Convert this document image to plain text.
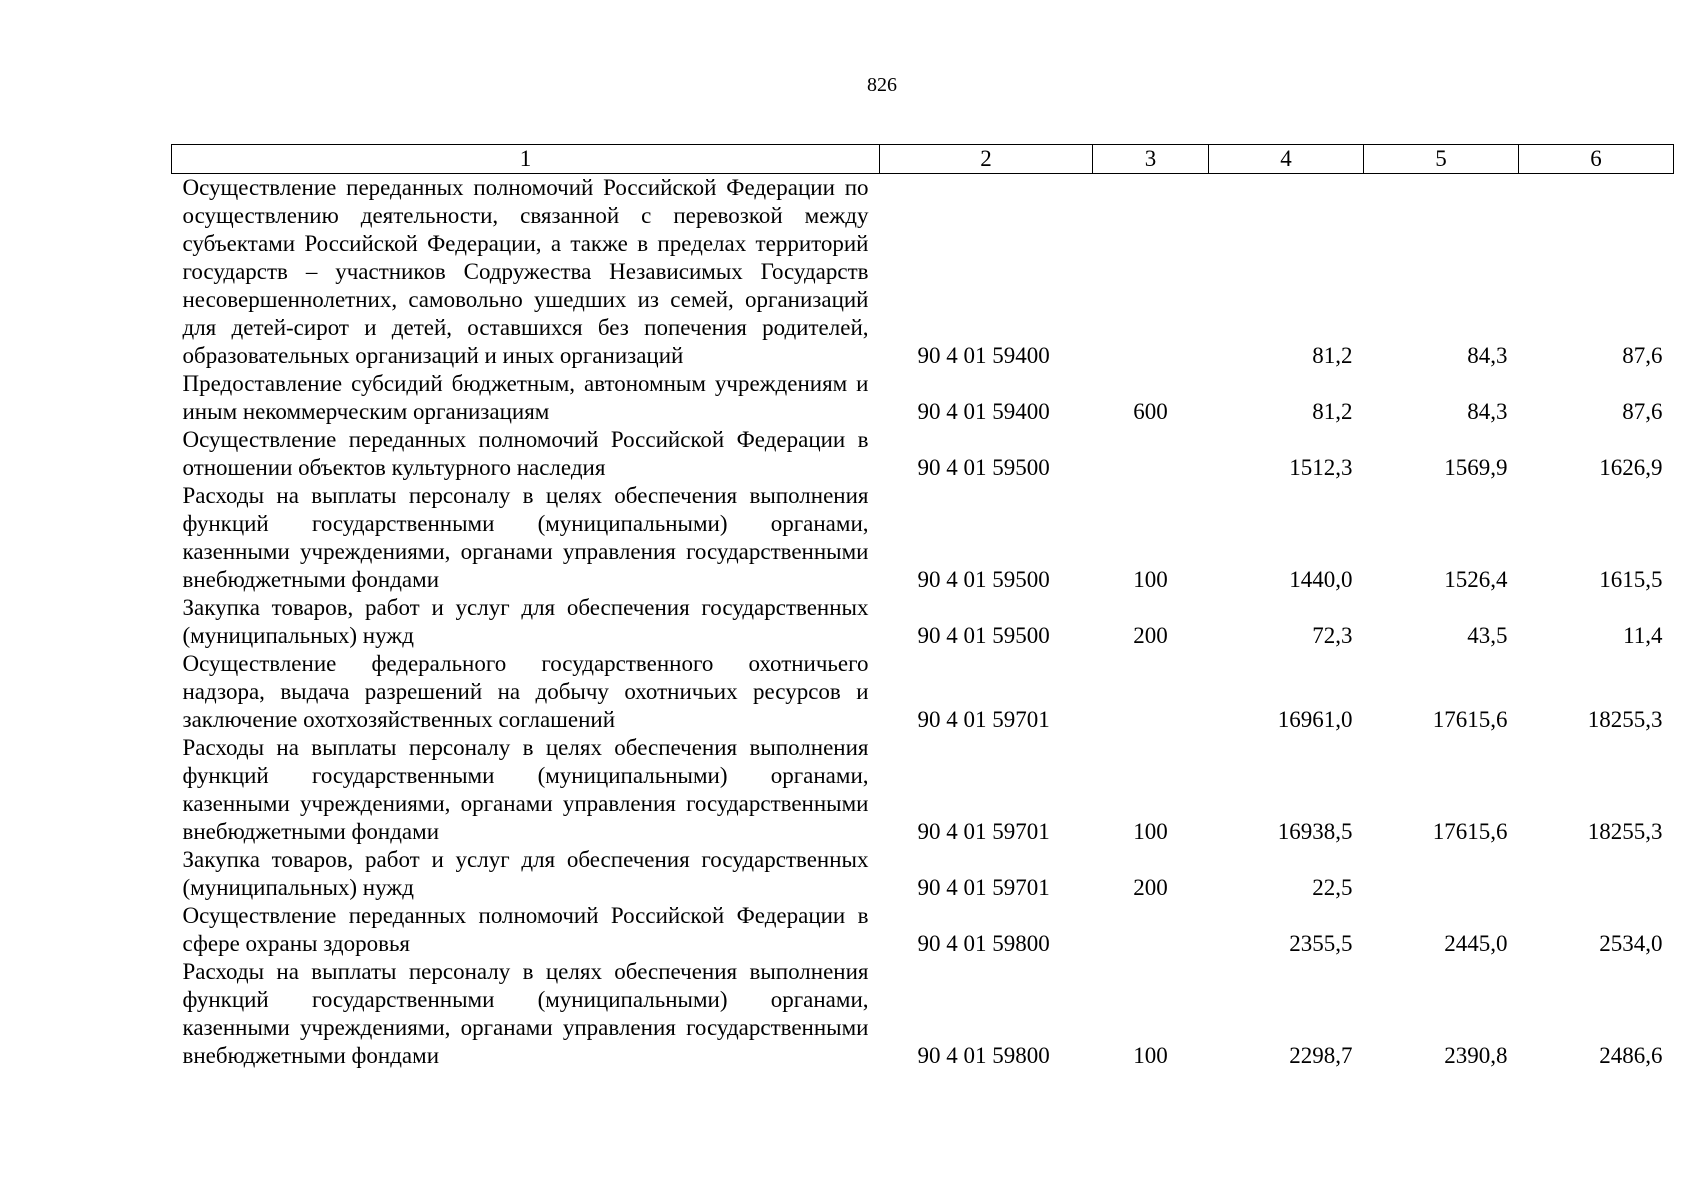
826
1	2	3	4	5	6
Осуществление переданных полномочий Российской Федерации по осуществлению деятельности, связанной с перевозкой между субъектами Российской Федерации, а также в пределах территорий государств – участников Содружества Независимых Государств несовершеннолетних, самовольно ушедших из семей, организаций для детей-сирот и детей, оставшихся без попечения родителей, образовательных организаций и иных организаций	90 4 01 59400		81,2	84,3	87,6
Предоставление субсидий бюджетным, автономным учреждениям и иным некоммерческим организациям	90 4 01 59400	600	81,2	84,3	87,6
Осуществление переданных полномочий Российской Федерации в отношении объектов культурного наследия	90 4 01 59500		1512,3	1569,9	1626,9
Расходы на выплаты персоналу в целях обеспечения выполнения функций государственными (муниципальными) органами, казенными учреждениями, органами управления государственными внебюджетными фондами	90 4 01 59500	100	1440,0	1526,4	1615,5
Закупка товаров, работ и услуг для обеспечения государственных (муниципальных) нужд	90 4 01 59500	200	72,3	43,5	11,4
Осуществление федерального государственного охотничьего надзора, выдача разрешений на добычу охотничьих ресурсов и заключение охотхозяйственных соглашений	90 4 01 59701		16961,0	17615,6	18255,3
Расходы на выплаты персоналу в целях обеспечения выполнения функций государственными (муниципальными) органами, казенными учреждениями, органами управления государственными внебюджетными фондами	90 4 01 59701	100	16938,5	17615,6	18255,3
Закупка товаров, работ и услуг для обеспечения государственных (муниципальных) нужд	90 4 01 59701	200	22,5		
Осуществление переданных полномочий Российской Федерации в сфере охраны здоровья	90 4 01 59800		2355,5	2445,0	2534,0
Расходы на выплаты персоналу в целях обеспечения выполнения функций государственными (муниципальными) органами, казенными учреждениями, органами управления государственными внебюджетными фондами	90 4 01 59800	100	2298,7	2390,8	2486,6
